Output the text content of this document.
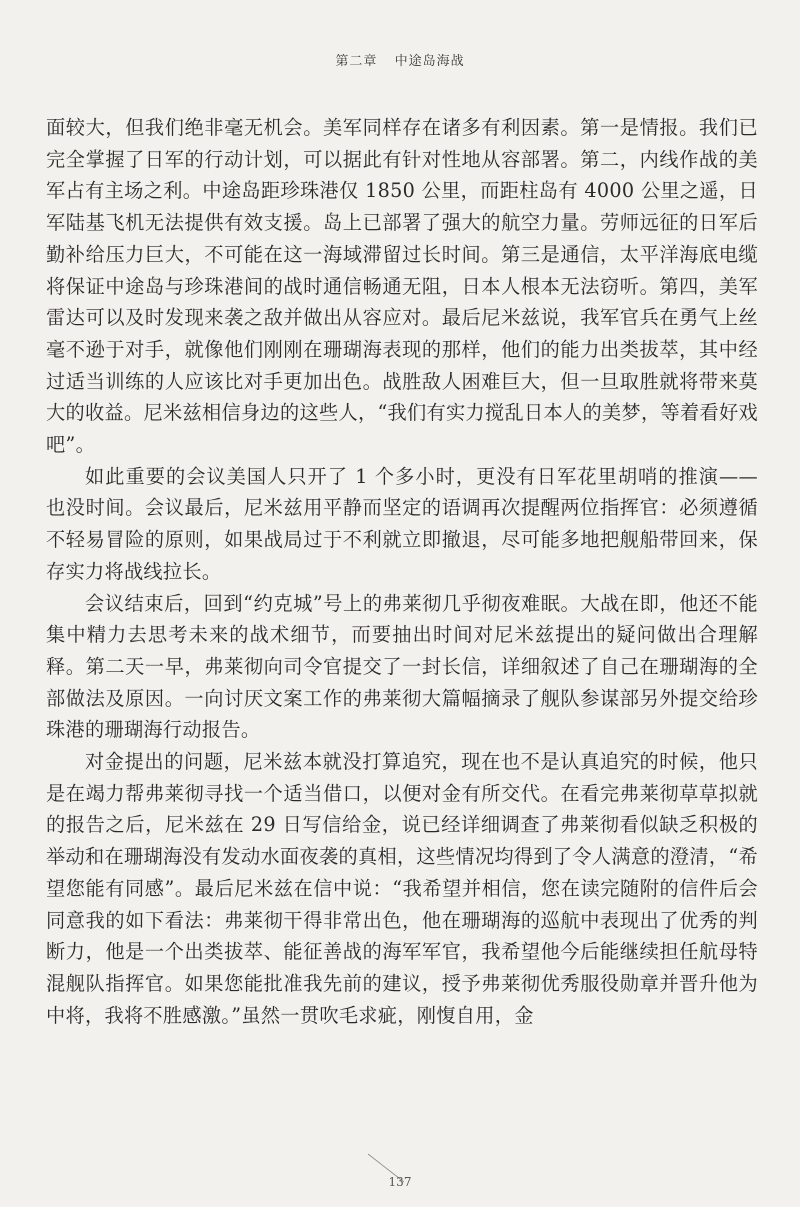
第二章 中途岛海战

面较大，但我们绝非毫无机会。美军同样存在诸多有利因素。第一是情报。我们已完全掌握了日军的行动计划，可以据此有针对性地从容部署。第二，内线作战的美军占有主场之利。中途岛距珍珠港仅 1850 公里，而距柱岛有 4000 公里之遥，日军陆基飞机无法提供有效支援。岛上已部署了强大的航空力量。劳师远征的日军后勤补给压力巨大，不可能在这一海域滞留过长时间。第三是通信，太平洋海底电缆将保证中途岛与珍珠港间的战时通信畅通无阻，日本人根本无法窃听。第四，美军雷达可以及时发现来袭之敌并做出从容应对。最后尼米兹说，我军官兵在勇气上丝毫不逊于对手，就像他们刚刚在珊瑚海表现的那样，他们的能力出类拔萃，其中经过适当训练的人应该比对手更加出色。战胜敌人困难巨大，但一旦取胜就将带来莫大的收益。尼米兹相信身边的这些人，“我们有实力搅乱日本人的美梦，等着看好戏吧”。

如此重要的会议美国人只开了 1 个多小时，更没有日军花里胡哨的推演—— 也没时间。会议最后，尼米兹用平静而坚定的语调再次提醒两位指挥官：必须遵循不轻易冒险的原则，如果战局过于不利就立即撤退，尽可能多地把舰船带回来，保存实力将战线拉长。

会议结束后，回到“约克城”号上的弗莱彻几乎彻夜难眠。大战在即，他还不能集中精力去思考未来的战术细节，而要抽出时间对尼米兹提出的疑问做出合理解释。第二天一早，弗莱彻向司令官提交了一封长信，详细叙述了自己在珊瑚海的全部做法及原因。一向讨厌文案工作的弗莱彻大篇幅摘录了舰队参谋部另外提交给珍珠港的珊瑚海行动报告。

对金提出的问题，尼米兹本就没打算追究，现在也不是认真追究的时候，他只是在竭力帮弗莱彻寻找一个适当借口，以便对金有所交代。在看完弗莱彻草草拟就的报告之后，尼米兹在 29 日写信给金，说已经详细调查了弗莱彻看似缺乏积极的举动和在珊瑚海没有发动水面夜袭的真相，这些情况均得到了令人满意的澄清，“希望您能有同感”。最后尼米兹在信中说：“我希望并相信，您在读完随附的信件后会同意我的如下看法：弗莱彻干得非常出色，他在珊瑚海的巡航中表现出了优秀的判断力，他是一个出类拔萃、能征善战的海军军官，我希望他今后能继续担任航母特混舰队指挥官。如果您能批准我先前的建议，授予弗莱彻优秀服役勋章并晋升他为中将，我将不胜感激。”虽然一贯吹毛求疵，刚愎自用，金

137
